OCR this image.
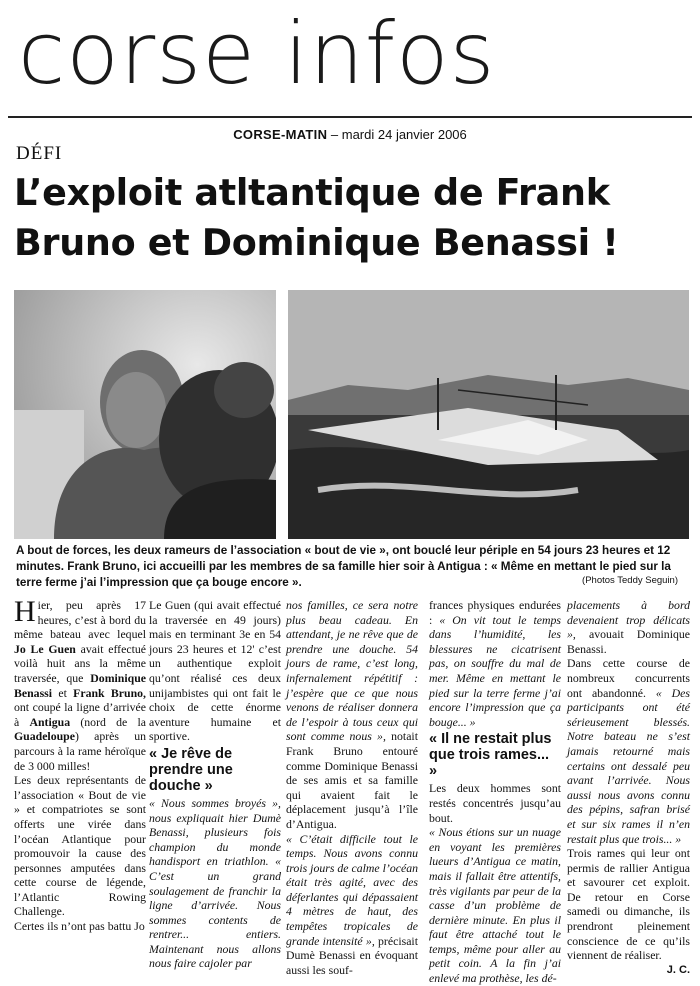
corse infos
CORSE-MATIN – mardi 24 janvier 2006
DÉFI
L’exploit atltantique de Frank
Bruno et Dominique Benassi !
A bout de forces, les deux rameurs de l’association « bout de vie », ont bouclé leur périple en 54 jours 23 heures et 12 minutes. Frank Bruno, ici accueilli par les membres de sa famille hier soir à Antigua : « Même en mettant le pied sur la terre ferme j’ai l’impression que ça bouge encore ».	(Photos Teddy Seguin)

Hier, peu après 17 heures, c’est à bord du même bateau avec lequel Jo Le Guen avait effectué voilà huit ans la même traversée, que Dominique Benassi et Frank Bruno, ont coupé la ligne d’arrivée à Antigua (nord de la Guadeloupe) après un parcours à la rame héroïque de 3 000 milles!

Les deux représentants de l’association « Bout de vie » et compatriotes se sont offerts une virée dans l’océan Atlantique pour promouvoir la cause des personnes amputées dans cette course de légende, l’Atlantic Rowing Challenge.

Certes ils n’ont pas battu Jo

Le Guen (qui avait effectué la traversée en 49 jours) mais en terminant 3e en 54 jours 23 heures et 12' c’est un authentique exploit qu’ont réalisé ces deux unijambistes qui ont fait le choix de cette énorme aventure humaine et sportive.

« Je rêve de prendre une douche »

« Nous sommes broyés », nous expliquait hier Dumè Benassi, plusieurs fois champion du monde handisport en triathlon. « C’est un grand soulagement de franchir la ligne d’arrivée. Nous sommes contents de rentrer... entiers. Maintenant nous allons nous faire cajoler par

nos familles, ce sera notre plus beau cadeau. En attendant, je ne rêve que de prendre une douche. 54 jours de rame, c’est long, infernalement répétitif : j’espère que ce que nous venons de réaliser donnera de l’espoir à tous ceux qui sont comme nous », notait Frank Bruno entouré comme Dominique Benassi de ses amis et sa famille qui avaient fait le déplacement jusqu’à l’île d’Antigua.

« C’était difficile tout le temps. Nous avons connu trois jours de calme l’océan était très agité, avec des déferlantes qui dépassaient 4 mètres de haut, des tempêtes tropicales de grande intensité », précisait Dumè Benassi en évoquant aussi les souf-

frances physiques endurées : « On vit tout le temps dans l’humidité, les blessures ne cicatrisent pas, on souffre du mal de mer. Même en mettant le pied sur la terre ferme j’ai encore l’impression que ça bouge... »

« Il ne restait plus que trois rames... »

Les deux hommes sont restés concentrés jusqu’au bout.

« Nous étions sur un nuage en voyant les premières lueurs d’Antigua ce matin, mais il fallait être attentifs, très vigilants par peur de la casse d’un problème de dernière minute. En plus il faut être attaché tout le temps, même pour aller au petit coin. A la fin j’ai enlevé ma prothèse, les dé-

placements à bord devenaient trop délicats », avouait Dominique Benassi.

Dans cette course de nombreux concurrents ont abandonné. « Des participants ont été sérieusement blessés. Notre bateau ne s’est jamais retourné mais certains ont dessalé peu avant l’arrivée. Nous aussi nous avons connu des pépins, safran brisé et sur six rames il n’en restait plus que trois... »

Trois rames qui leur ont permis de rallier Antigua et savourer cet exploit. De retour en Corse samedi ou dimanche, ils prendront pleinement conscience de ce qu’ils viennent de réaliser.

J. C.
